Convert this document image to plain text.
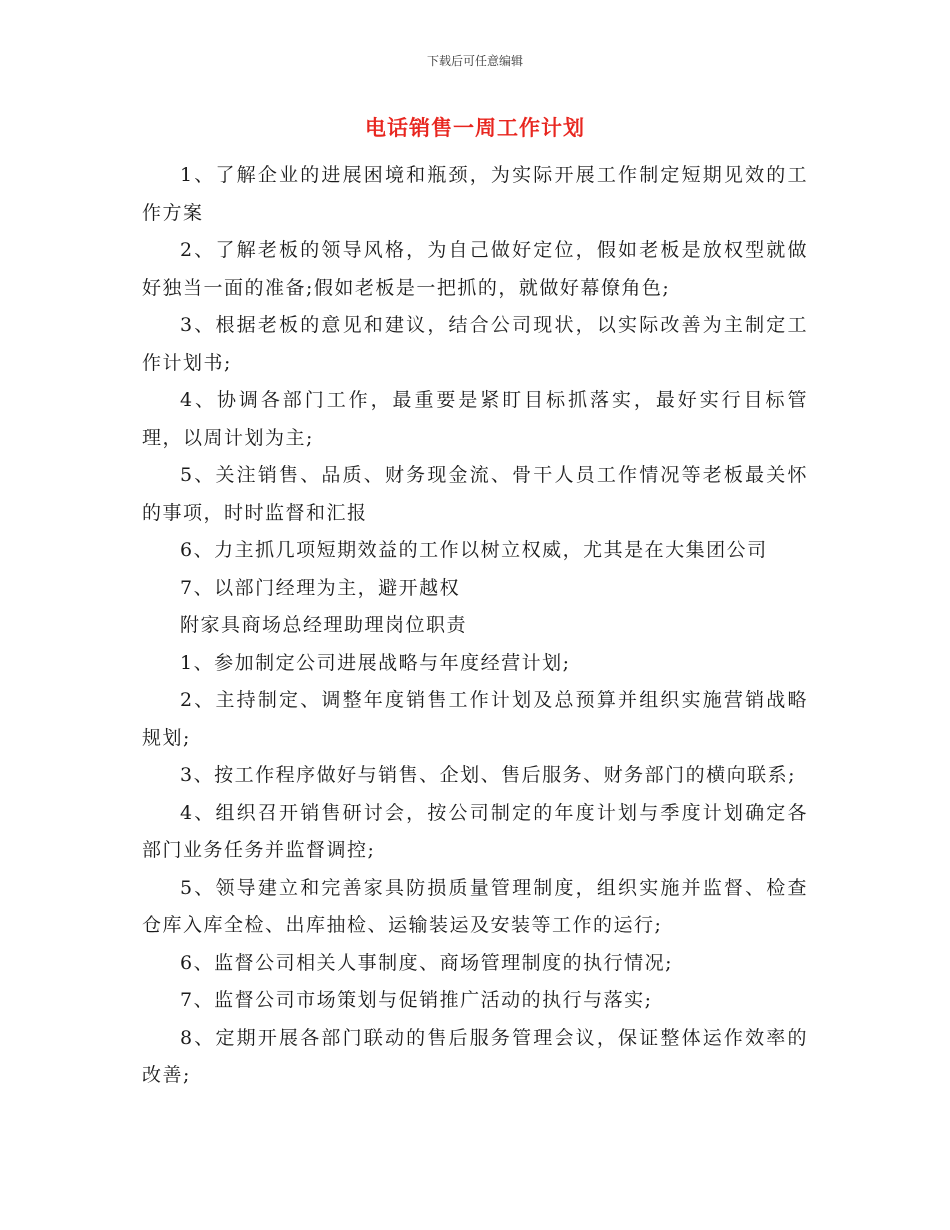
下载后可任意编辑
电话销售一周工作计划

1、了解企业的进展困境和瓶颈，为实际开展工作制定短期见效的工作方案

2、了解老板的领导风格，为自己做好定位，假如老板是放权型就做好独当一面的准备;假如老板是一把抓的，就做好幕僚角色;

3、根据老板的意见和建议，结合公司现状，以实际改善为主制定工作计划书;

4、协调各部门工作，最重要是紧盯目标抓落实，最好实行目标管理，以周计划为主;

5、关注销售、品质、财务现金流、骨干人员工作情况等老板最关怀的事项，时时监督和汇报

6、力主抓几项短期效益的工作以树立权威，尤其是在大集团公司

7、以部门经理为主，避开越权

附家具商场总经理助理岗位职责

1、参加制定公司进展战略与年度经营计划;

2、主持制定、调整年度销售工作计划及总预算并组织实施营销战略规划;

3、按工作程序做好与销售、企划、售后服务、财务部门的横向联系;

4、组织召开销售研讨会，按公司制定的年度计划与季度计划确定各部门业务任务并监督调控;

5、领导建立和完善家具防损质量管理制度，组织实施并监督、检查仓库入库全检、出库抽检、运输装运及安装等工作的运行;

6、监督公司相关人事制度、商场管理制度的执行情况;

7、监督公司市场策划与促销推广活动的执行与落实;

8、定期开展各部门联动的售后服务管理会议，保证整体运作效率的改善;
